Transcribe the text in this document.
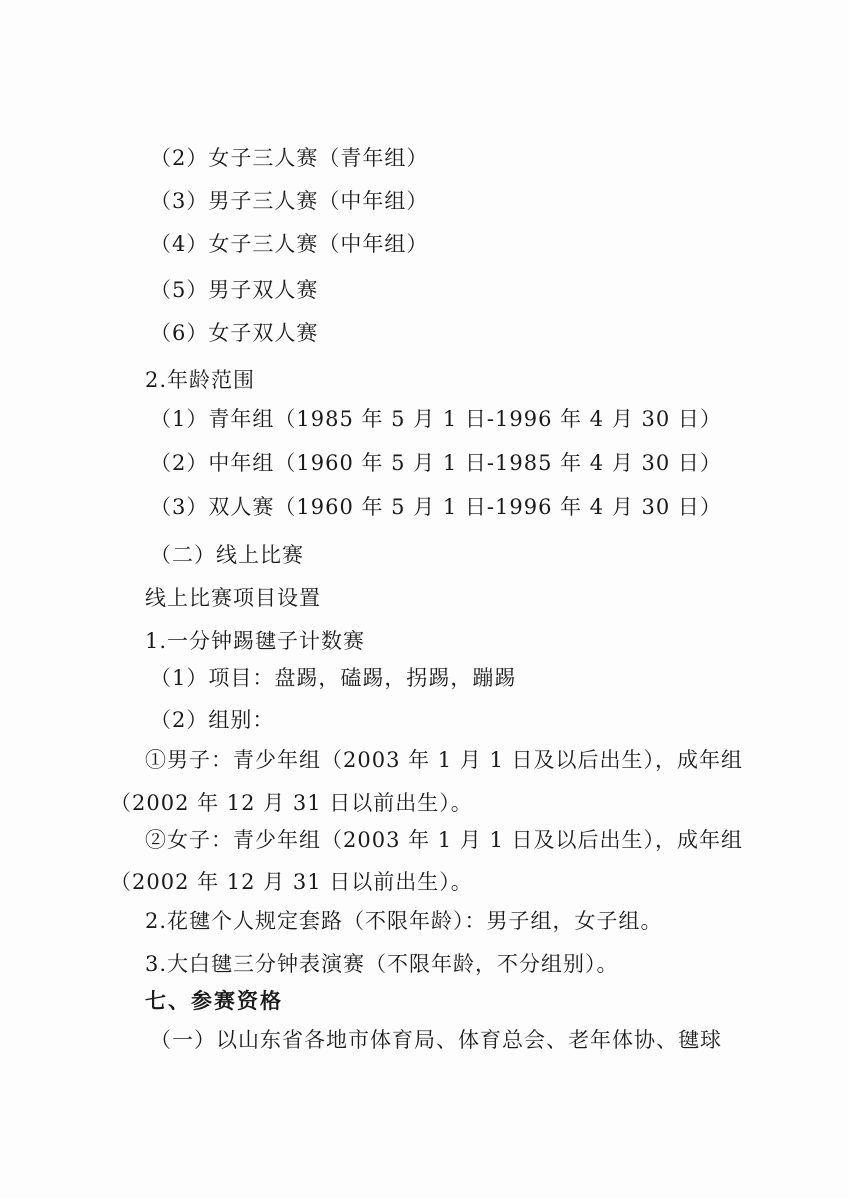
（2）女子三人赛（青年组）
（3）男子三人赛（中年组）
（4）女子三人赛（中年组）
（5）男子双人赛
（6）女子双人赛
2.年龄范围
（1）青年组（1985 年 5 月 1 日-1996 年 4 月 30 日）
（2）中年组（1960 年 5 月 1 日-1985 年 4 月 30 日）
（3）双人赛（1960 年 5 月 1 日-1996 年 4 月 30 日）
（二）线上比赛
线上比赛项目设置
1.一分钟踢毽子计数赛
（1）项目：盘踢，磕踢，拐踢，蹦踢
（2）组别：
①男子：青少年组（2003 年 1 月 1 日及以后出生），成年组
（2002 年 12 月 31 日以前出生）。
②女子：青少年组（2003 年 1 月 1 日及以后出生），成年组
（2002 年 12 月 31 日以前出生）。
2.花毽个人规定套路（不限年龄）：男子组，女子组。
3.大白毽三分钟表演赛（不限年龄，不分组别）。
七、参赛资格
（一）以山东省各地市体育局、体育总会、老年体协、毽球
